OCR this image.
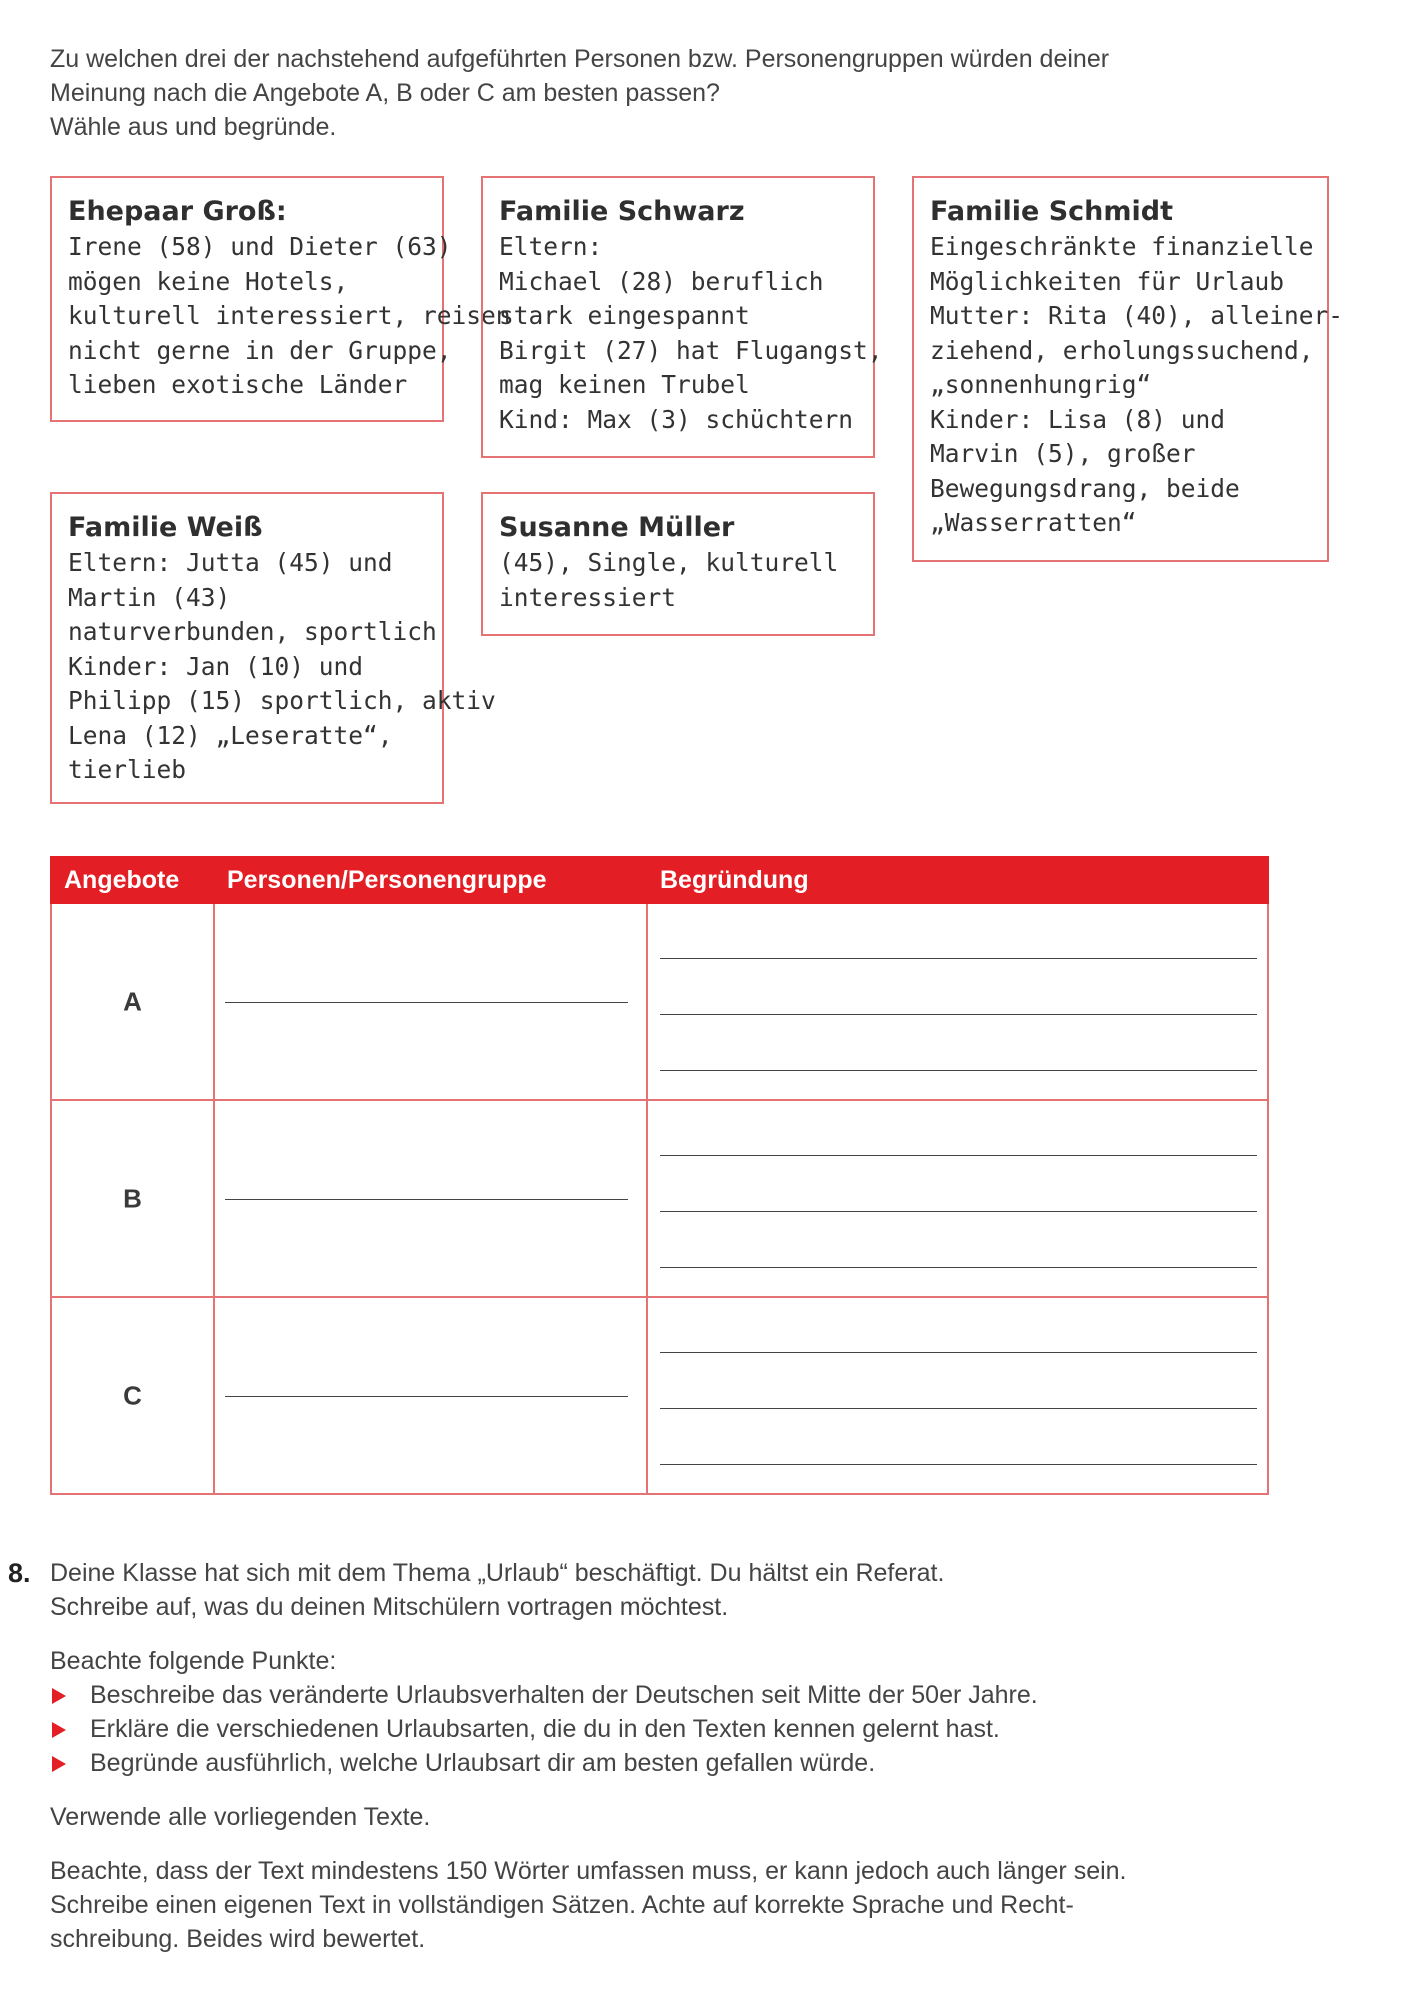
Zu welchen drei der nachstehend aufgeführten Personen bzw. Personengruppen würden deiner
Meinung nach die Angebote A, B oder C am besten passen?
Wähle aus und begründe.
Ehepaar Groß:
Irene (58) und Dieter (63)
mögen keine Hotels,
kulturell interessiert, reisen
nicht gerne in der Gruppe,
lieben exotische Länder
Familie Schwarz
Eltern:
Michael (28) beruflich
stark eingespannt
Birgit (27) hat Flugangst,
mag keinen Trubel
Kind: Max (3) schüchtern
Familie Schmidt
Eingeschränkte finanzielle
Möglichkeiten für Urlaub
Mutter: Rita (40), alleiner-
ziehend, erholungssuchend,
„sonnenhungrig“
Kinder: Lisa (8) und
Marvin (5), großer
Bewegungsdrang, beide
„Wasserratten“
Familie Weiß
Eltern: Jutta (45) und
Martin (43)
naturverbunden, sportlich
Kinder: Jan (10) und
Philipp (15) sportlich, aktiv
Lena (12) „Leseratte“,
tierlieb
Susanne Müller
(45), Single, kulturell
interessiert
Angebote	Personen/Personengruppe	Begründung

A		

B		

C		

8. Deine Klasse hat sich mit dem Thema „Urlaub“ beschäftigt. Du hältst ein Referat.

Schreibe auf, was du deinen Mitschülern vortragen möchtest.

Beachte folgende Punkte:

Beschreibe das veränderte Urlaubsverhalten der Deutschen seit Mitte der 50er Jahre.
Erkläre die verschiedenen Urlaubsarten, die du in den Texten kennen gelernt hast.
Begründe ausführlich, welche Urlaubsart dir am besten gefallen würde.

Verwende alle vorliegenden Texte.

Beachte, dass der Text mindestens 150 Wörter umfassen muss, er kann jedoch auch länger sein.

Schreibe einen eigenen Text in vollständigen Sätzen. Achte auf korrekte Sprache und Recht-

schreibung. Beides wird bewertet.
